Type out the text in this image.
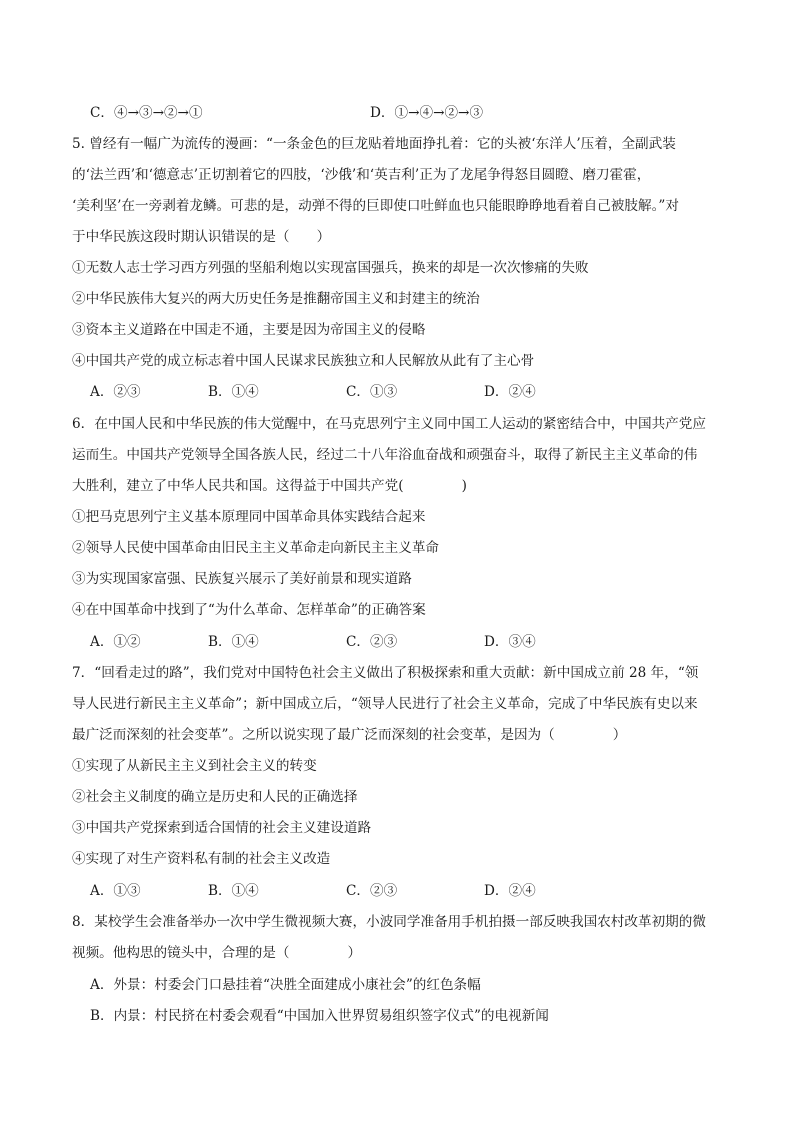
C．④→③→②→①	D．①→④→②→③
5. 曾经有一幅广为流传的漫画：“一条金色的巨龙贴着地面挣扎着：它的头被‘东洋人’压着，全副武装
的‘法兰西’和‘德意志’正切割着它的四肢，‘沙俄’和‘英吉利’正为了龙尾争得怒目圆瞪、磨刀霍霍，
‘美利坚’在一旁剥着龙鳞。可悲的是，动弹不得的巨即使口吐鲜血也只能眼睁睁地看着自己被肢解。”对
于中华民族这段时期认识错误的是（　　）
①无数人志士学习西方列强的坚船利炮以实现富国强兵，换来的却是一次次惨痛的失败
②中华民族伟大复兴的两大历史任务是推翻帝国主义和封建主的统治
③资本主义道路在中国走不通，主要是因为帝国主义的侵略
④中国共产党的成立标志着中国人民谋求民族独立和人民解放从此有了主心骨
A．②③	B．①④	C．①③	D．②④
6．在中国人民和中华民族的伟大觉醒中，在马克思列宁主义同中国工人运动的紧密结合中，中国共产党应
运而生。中国共产党领导全国各族人民，经过二十八年浴血奋战和顽强奋斗，取得了新民主主义革命的伟
大胜利，建立了中华人民共和国。这得益于中国共产党(	)
①把马克思列宁主义基本原理同中国革命具体实践结合起来
②领导人民使中国革命由旧民主主义革命走向新民主主义革命
③为实现国家富强、民族复兴展示了美好前景和现实道路
④在中国革命中找到了“为什么革命、怎样革命”的正确答案
A．①②	B．①④	C．②③	D．③④
7．“回看走过的路”，我们党对中国特色社会主义做出了积极探索和重大贡献：新中国成立前 28 年，“领
导人民进行新民主主义革命”；新中国成立后，“领导人民进行了社会主义革命，完成了中华民族有史以来
最广泛而深刻的社会变革”。之所以说实现了最广泛而深刻的社会变革，是因为（	）
①实现了从新民主主义到社会主义的转变
②社会主义制度的确立是历史和人民的正确选择
③中国共产党探索到适合国情的社会主义建设道路
④实现了对生产资料私有制的社会主义改造
A．①③	B．①④	C．②③	D．②④
8．某校学生会准备举办一次中学生微视频大赛，小波同学准备用手机拍摄一部反映我国农村改革初期的微
视频。他构思的镜头中，合理的是（	）
A．外景：村委会门口悬挂着“决胜全面建成小康社会”的红色条幅
B．内景：村民挤在村委会观看“中国加入世界贸易组织签字仪式”的电视新闻
